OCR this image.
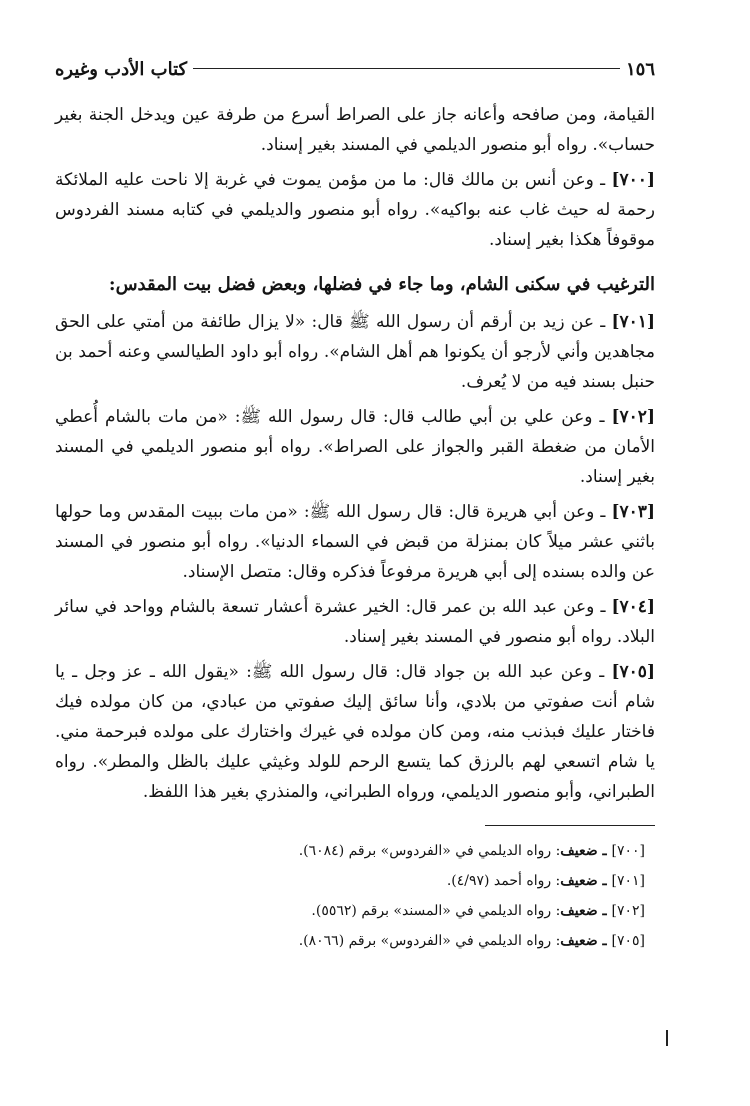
١٥٦
كتاب الأدب وغيره

القيامة، ومن صافحه وأعانه جاز على الصراط أسرع من طرفة عين ويدخل الجنة بغير حساب». رواه أبو منصور الديلمي في المسند بغير إسناد.

[٧٠٠] ـ وعن أنس بن مالك قال: ما من مؤمن يموت في غربة إلا ناحت عليه الملائكة رحمة له حيث غاب عنه بواكيه». رواه أبو منصور والديلمي في كتابه مسند الفردوس موقوفاً هكذا بغير إسناد.

الترغيب في سكنى الشام، وما جاء في فضلها، وبعض فضل بيت المقدس:

[٧٠١] ـ عن زيد بن أرقم أن رسول الله ﷺ قال: «لا يزال طائفة من أمتي على الحق مجاهدين وأني لأرجو أن يكونوا هم أهل الشام». رواه أبو داود الطيالسي وعنه أحمد بن حنبل بسند فيه من لا يُعرف.

[٧٠٢] ـ وعن علي بن أبي طالب قال: قال رسول الله ﷺ: «من مات بالشام أُعطي الأمان من ضغطة القبر والجواز على الصراط». رواه أبو منصور الديلمي في المسند بغير إسناد.

[٧٠٣] ـ وعن أبي هريرة قال: قال رسول الله ﷺ: «من مات ببيت المقدس وما حولها باثني عشر ميلاً كان بمنزلة من قبض في السماء الدنيا». رواه أبو منصور في المسند عن والده بسنده إلى أبي هريرة مرفوعاً فذكره وقال: متصل الإسناد.

[٧٠٤] ـ وعن عبد الله بن عمر قال: الخير عشرة أعشار تسعة بالشام وواحد في سائر البلاد. رواه أبو منصور في المسند بغير إسناد.

[٧٠٥] ـ وعن عبد الله بن جواد قال: قال رسول الله ﷺ: «يقول الله ـ عز وجل ـ يا شام أنت صفوتي من بلادي، وأنا سائق إليك صفوتي من عبادي، من كان مولده فيك فاختار عليك فبذنب منه، ومن كان مولده في غيرك واختارك على مولده فبرحمة مني. يا شام اتسعي لهم بالرزق كما يتسع الرحم للولد وغيثي عليك بالظل والمطر». رواه الطبراني، وأبو منصور الديلمي، ورواه الطبراني، والمنذري بغير هذا اللفظ.

[٧٠٠] ـ ضعيف: رواه الديلمي في «الفردوس» برقم (٦٠٨٤).
[٧٠١] ـ ضعيف: رواه أحمد (٤/٩٧).
[٧٠٢] ـ ضعيف: رواه الديلمي في «المسند» برقم (٥٥٦٢).
[٧٠٥] ـ ضعيف: رواه الديلمي في «الفردوس» برقم (٨٠٦٦).
